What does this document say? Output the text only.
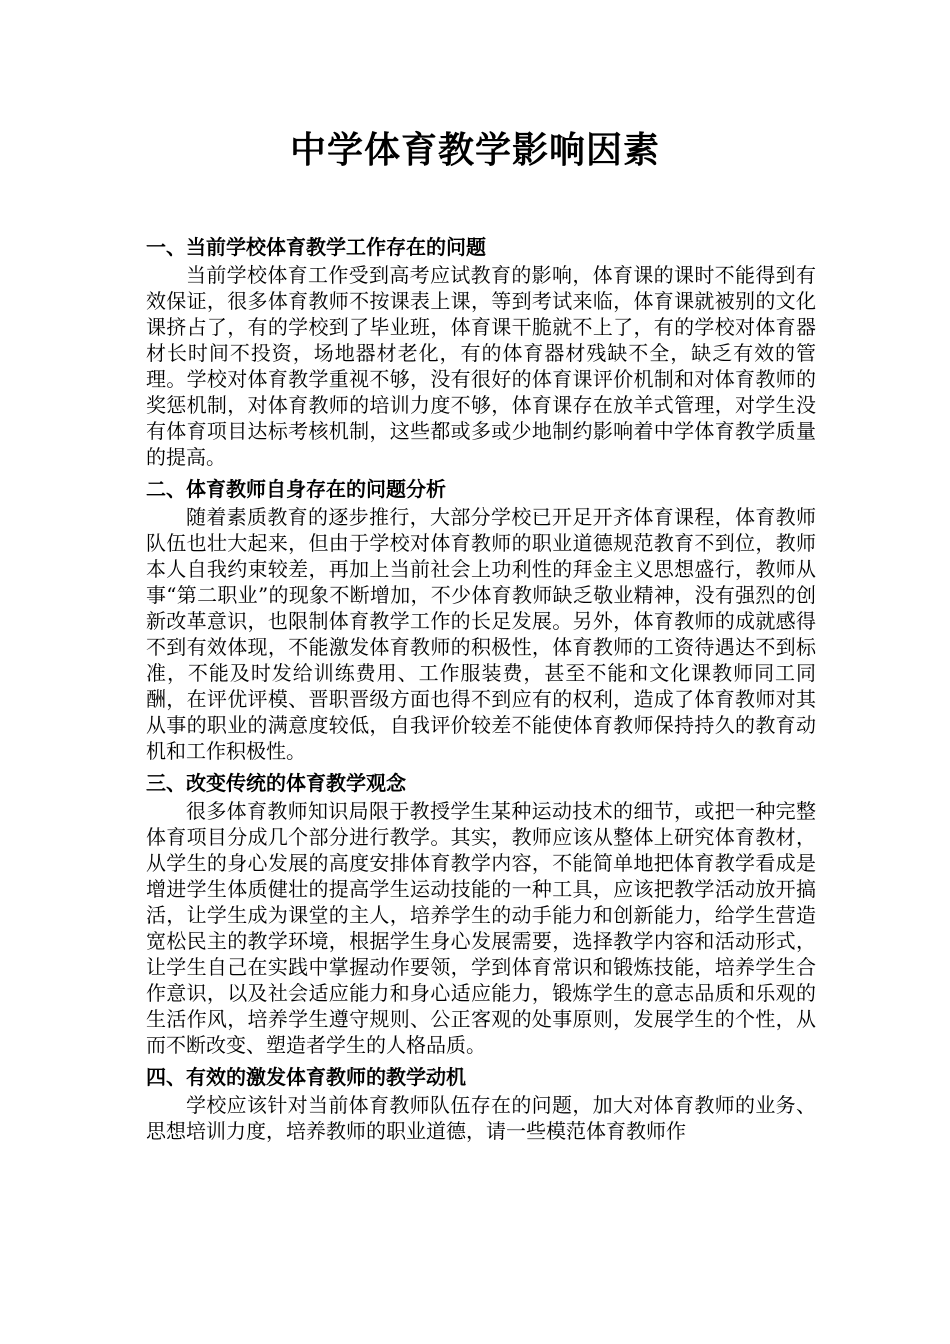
中学体育教学影响因素
一、当前学校体育教学工作存在的问题

当前学校体育工作受到高考应试教育的影响，体育课的课时不能得到有效保证，很多体育教师不按课表上课，等到考试来临，体育课就被别的文化课挤占了，有的学校到了毕业班，体育课干脆就不上了，有的学校对体育器材长时间不投资，场地器材老化，有的体育器材残缺不全，缺乏有效的管理。学校对体育教学重视不够，没有很好的体育课评价机制和对体育教师的奖惩机制，对体育教师的培训力度不够，体育课存在放羊式管理，对学生没有体育项目达标考核机制，这些都或多或少地制约影响着中学体育教学质量的提高。

二、体育教师自身存在的问题分析

随着素质教育的逐步推行，大部分学校已开足开齐体育课程，体育教师队伍也壮大起来，但由于学校对体育教师的职业道德规范教育不到位，教师本人自我约束较差，再加上当前社会上功利性的拜金主义思想盛行，教师从事“第二职业”的现象不断增加，不少体育教师缺乏敬业精神，没有强烈的创新改革意识，也限制体育教学工作的长足发展。另外，体育教师的成就感得不到有效体现，不能激发体育教师的积极性，体育教师的工资待遇达不到标准，不能及时发给训练费用、工作服装费，甚至不能和文化课教师同工同酬，在评优评模、晋职晋级方面也得不到应有的权利，造成了体育教师对其从事的职业的满意度较低，自我评价较差不能使体育教师保持持久的教育动机和工作积极性。

三、改变传统的体育教学观念

很多体育教师知识局限于教授学生某种运动技术的细节，或把一种完整体育项目分成几个部分进行教学。其实，教师应该从整体上研究体育教材，从学生的身心发展的高度安排体育教学内容，不能简单地把体育教学看成是增进学生体质健壮的提高学生运动技能的一种工具，应该把教学活动放开搞活，让学生成为课堂的主人，培养学生的动手能力和创新能力，给学生营造宽松民主的教学环境，根据学生身心发展需要，选择教学内容和活动形式，让学生自己在实践中掌握动作要领，学到体育常识和锻炼技能，培养学生合作意识，以及社会适应能力和身心适应能力，锻炼学生的意志品质和乐观的生活作风，培养学生遵守规则、公正客观的处事原则，发展学生的个性，从而不断改变、塑造者学生的人格品质。

四、有效的激发体育教师的教学动机

学校应该针对当前体育教师队伍存在的问题，加大对体育教师的业务、思想培训力度，培养教师的职业道德，请一些模范体育教师作
